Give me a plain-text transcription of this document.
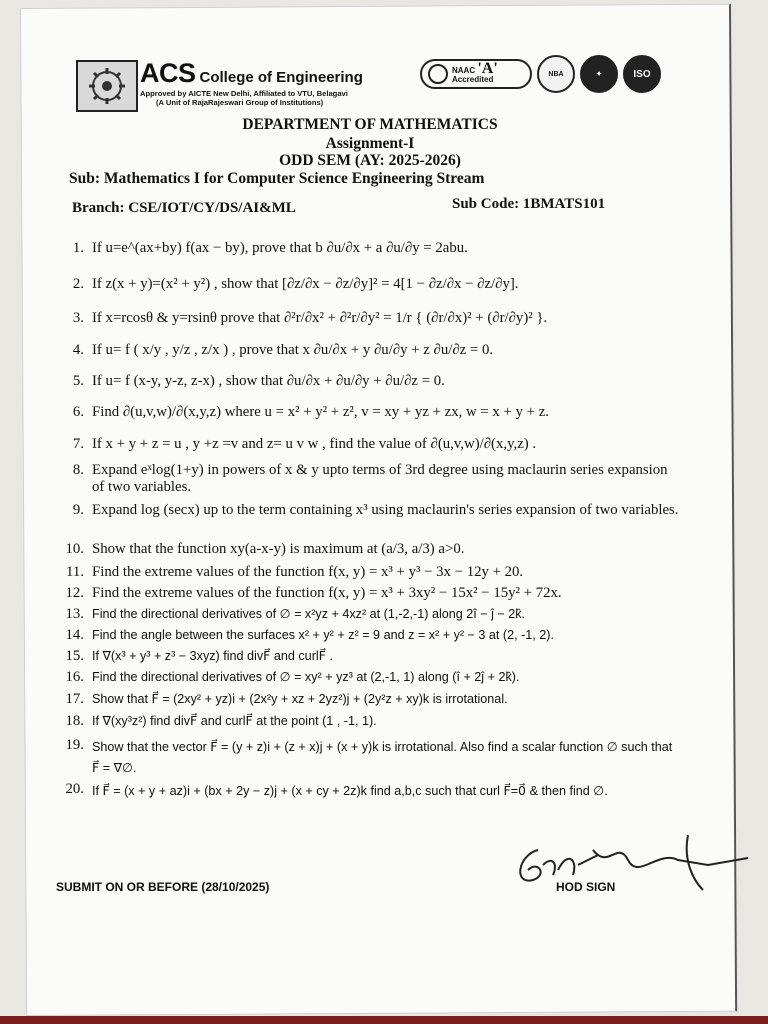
ACS College of Engineering
Approved by AICTE New Delhi, Affiliated to VTU, Belagavi
(A Unit of RajaRajeswari Group of Institutions)
NAAC 'A'
Accredited
NBA	✦	ISO
DEPARTMENT OF MATHEMATICS
Assignment-I
ODD SEM (AY: 2025-2026)
Sub: Mathematics I for Computer Science Engineering Stream
Branch: CSE/IOT/CY/DS/AI&ML	Sub Code: 1BMATS101
1. If u=e^(ax+by) f(ax − by), prove that b ∂u/∂x + a ∂u/∂y = 2abu.
2. If z(x + y)=(x² + y²) , show that [∂z/∂x − ∂z/∂y]² = 4[1 − ∂z/∂x − ∂z/∂y].
3. If x=rcosθ & y=rsinθ prove that ∂²r/∂x² + ∂²r/∂y² = 1/r { (∂r/∂x)² + (∂r/∂y)² }.
4. If u= f ( x/y , y/z , z/x ) , prove that x ∂u/∂x + y ∂u/∂y + z ∂u/∂z = 0.
5. If u= f (x-y, y-z, z-x) , show that ∂u/∂x + ∂u/∂y + ∂u/∂z = 0.
6. Find ∂(u,v,w)/∂(x,y,z) where u = x² + y² + z², v = xy + yz + zx, w = x + y + z.
7. If x + y + z = u , y +z =v and z= u v w , find the value of ∂(u,v,w)/∂(x,y,z) .
8. Expand eˣlog(1+y) in powers of x & y upto terms of 3rd degree using maclaurin series expansion of two variables.
9. Expand log (secx) up to the term containing x³ using maclaurin's series expansion of two variables.
10. Show that the function xy(a-x-y) is maximum at (a/3, a/3) a>0.
11. Find the extreme values of the function f(x, y) = x³ + y³ − 3x − 12y + 20.
12. Find the extreme values of the function f(x, y) = x³ + 3xy² − 15x² − 15y² + 72x.
13. Find the directional derivatives of ∅ = x²yz + 4xz² at (1,-2,-1) along 2î − ĵ − 2k̂.
14. Find the angle between the surfaces x² + y² + z² = 9 and z = x² + y² − 3 at (2, -1, 2).
15. If ∇(x³ + y³ + z³ − 3xyz) find divF⃗ and curlF⃗ .
16. Find the directional derivatives of ∅ = xy² + yz³ at (2,-1, 1) along (î + 2ĵ + 2k̂).
17. Show that F⃗ = (2xy² + yz)i + (2x²y + xz + 2yz²)j + (2y²z + xy)k is irrotational.
18. If ∇(xy³z²) find divF⃗ and curlF⃗ at the point (1 , -1, 1).
19. Show that the vector F⃗ = (y + z)i + (z + x)j + (x + y)k is irrotational. Also find a scalar function ∅ such that F⃗ = ∇∅.
20. If F⃗ = (x + y + az)i + (bx + 2y − z)j + (x + cy + 2z)k find a,b,c such that curl F⃗=0⃗ & then find ∅.
SUBMIT ON OR BEFORE (28/10/2025)	HOD SIGN
